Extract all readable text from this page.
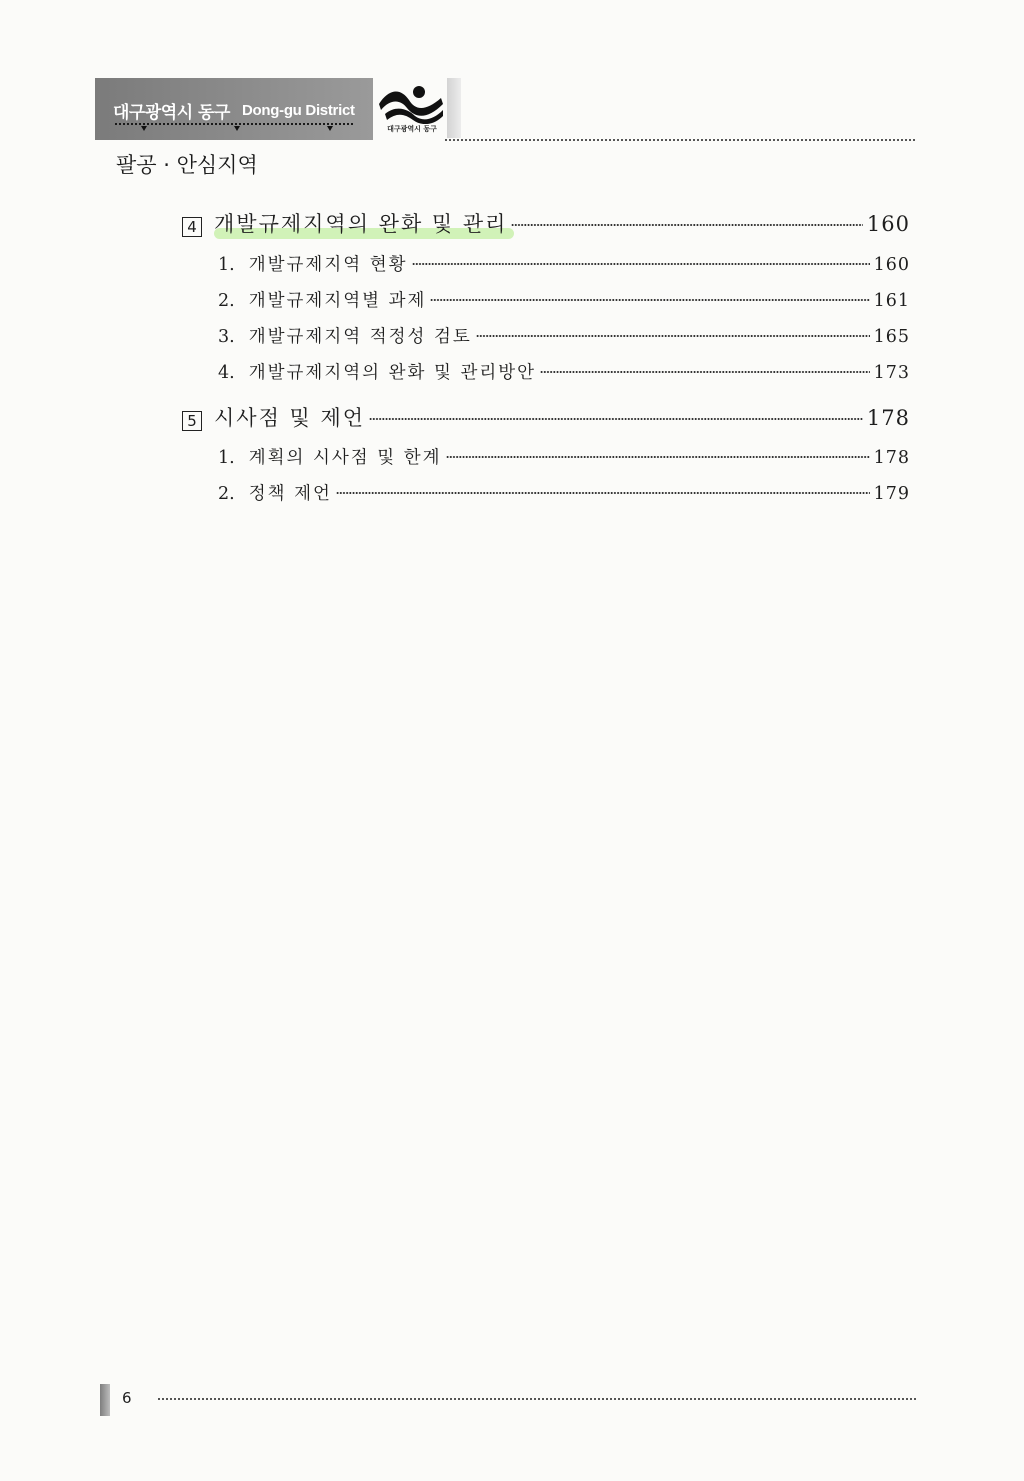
대구광역시 동구 Dong-gu District
대구광역시 동구
팔공 · 안심지역
4 개발규제지역의 완화 및 관리	160
1. 개발규제지역 현황	160
2. 개발규제지역별 과제	161
3. 개발규제지역 적정성 검토	165
4. 개발규제지역의 완화 및 관리방안	173
5 시사점 및 제언	178
1. 계획의 시사점 및 한계	178
2. 정책 제언	179
6
